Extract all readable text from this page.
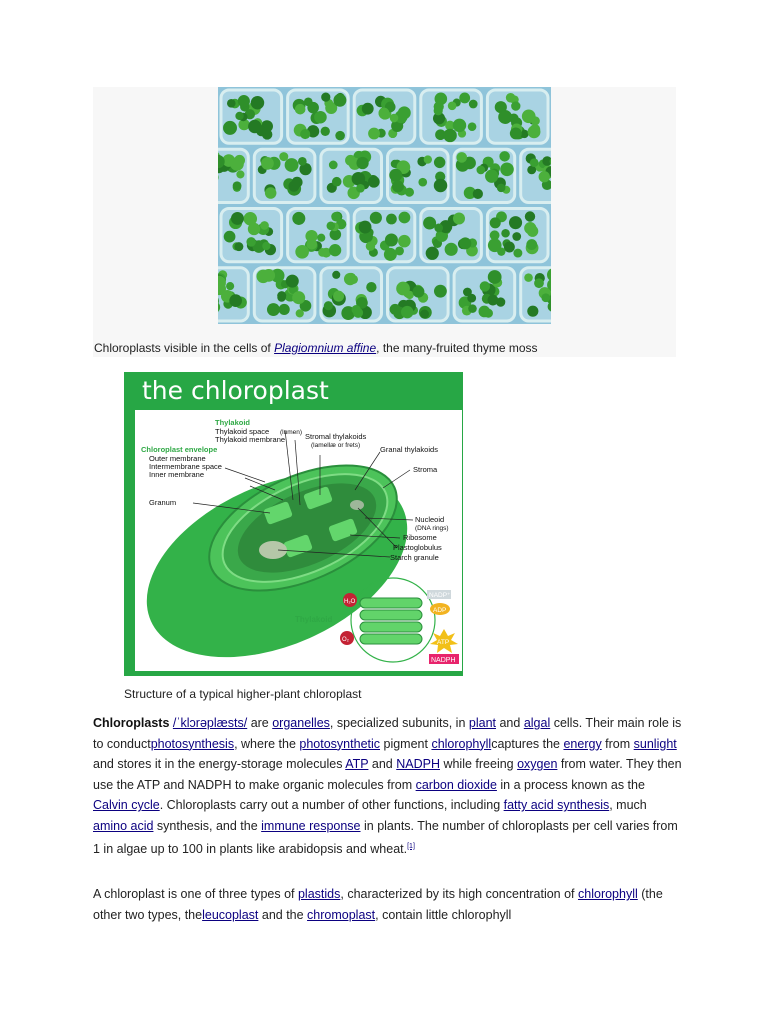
Chloroplasts visible in the cells of Plagiomnium affine, the many-fruited thyme moss
the chloroplast
Thylakoid
Thylakoid space (lumen)
Thylakoid membrane	Stromal thylakoids
(lamellæ or frets)	Granal thylakoids
Chloroplast envelope
Outer membrane
Intermembrane space
Inner membrane
Stroma
Granum
Nucleoid
(DNA rings)
Ribosome
Plastoglobulus
Starch granule
Thylakoid
H₂O
O₂
NADP⁺
ADP
ATP
NADPH
Structure of a typical higher-plant chloroplast
Chloroplasts /ˈklɔrəplæsts/ are organelles, specialized subunits, in plant and algal cells. Their main role is to conductphotosynthesis, where the photosynthetic pigment chlorophyllcaptures the energy from sunlight and stores it in the energy-storage molecules ATP and NADPH while freeing oxygen from water. They then use the ATP and NADPH to make organic molecules from carbon dioxide in a process known as the Calvin cycle. Chloroplasts carry out a number of other functions, including fatty acid synthesis, much amino acid synthesis, and the immune response in plants. The number of chloroplasts per cell varies from 1 in algae up to 100 in plants like arabidopsis and wheat.[1]
A chloroplast is one of three types of plastids, characterized by its high concentration of chlorophyll (the other two types, theleucoplast and the chromoplast, contain little chlorophyll
